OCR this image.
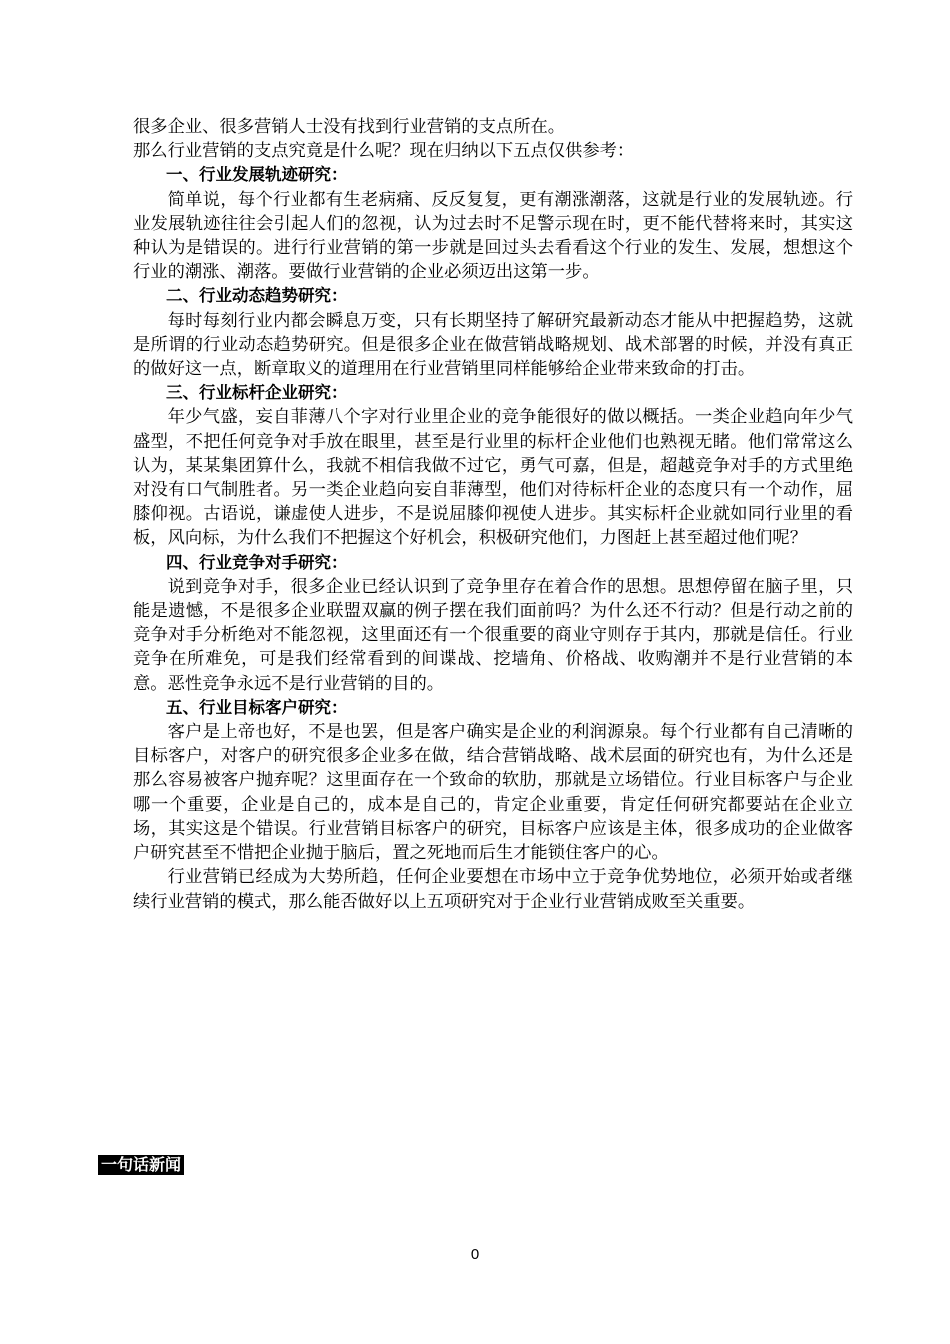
很多企业、很多营销人士没有找到行业营销的支点所在。

那么行业营销的支点究竟是什么呢？现在归纳以下五点仅供参考：

一、行业发展轨迹研究：

简单说，每个行业都有生老病痛、反反复复，更有潮涨潮落，这就是行业的发展轨迹。行业发展轨迹往往会引起人们的忽视，认为过去时不足警示现在时，更不能代替将来时，其实这种认为是错误的。进行行业营销的第一步就是回过头去看看这个行业的发生、发展，想想这个行业的潮涨、潮落。要做行业营销的企业必须迈出这第一步。

二、行业动态趋势研究：

每时每刻行业内都会瞬息万变，只有长期坚持了解研究最新动态才能从中把握趋势，这就是所谓的行业动态趋势研究。但是很多企业在做营销战略规划、战术部署的时候，并没有真正的做好这一点，断章取义的道理用在行业营销里同样能够给企业带来致命的打击。

三、行业标杆企业研究：

年少气盛，妄自菲薄八个字对行业里企业的竞争能很好的做以概括。一类企业趋向年少气盛型，不把任何竞争对手放在眼里，甚至是行业里的标杆企业他们也熟视无睹。他们常常这么认为，某某集团算什么，我就不相信我做不过它，勇气可嘉，但是，超越竞争对手的方式里绝对没有口气制胜者。另一类企业趋向妄自菲薄型，他们对待标杆企业的态度只有一个动作，屈膝仰视。古语说，谦虚使人进步，不是说屈膝仰视使人进步。其实标杆企业就如同行业里的看板，风向标，为什么我们不把握这个好机会，积极研究他们，力图赶上甚至超过他们呢？

四、行业竞争对手研究：

说到竞争对手，很多企业已经认识到了竞争里存在着合作的思想。思想停留在脑子里，只能是遗憾，不是很多企业联盟双赢的例子摆在我们面前吗？为什么还不行动？但是行动之前的竞争对手分析绝对不能忽视，这里面还有一个很重要的商业守则存于其内，那就是信任。行业竞争在所难免，可是我们经常看到的间谍战、挖墙角、价格战、收购潮并不是行业营销的本意。恶性竞争永远不是行业营销的目的。

五、行业目标客户研究：

客户是上帝也好，不是也罢，但是客户确实是企业的利润源泉。每个行业都有自己清晰的目标客户，对客户的研究很多企业多在做，结合营销战略、战术层面的研究也有，为什么还是那么容易被客户抛弃呢？这里面存在一个致命的软肋，那就是立场错位。行业目标客户与企业哪一个重要，企业是自己的，成本是自己的，肯定企业重要，肯定任何研究都要站在企业立场，其实这是个错误。行业营销目标客户的研究，目标客户应该是主体，很多成功的企业做客户研究甚至不惜把企业抛于脑后，置之死地而后生才能锁住客户的心。

行业营销已经成为大势所趋，任何企业要想在市场中立于竞争优势地位，必须开始或者继续行业营销的模式，那么能否做好以上五项研究对于企业行业营销成败至关重要。

一句话新闻
0
